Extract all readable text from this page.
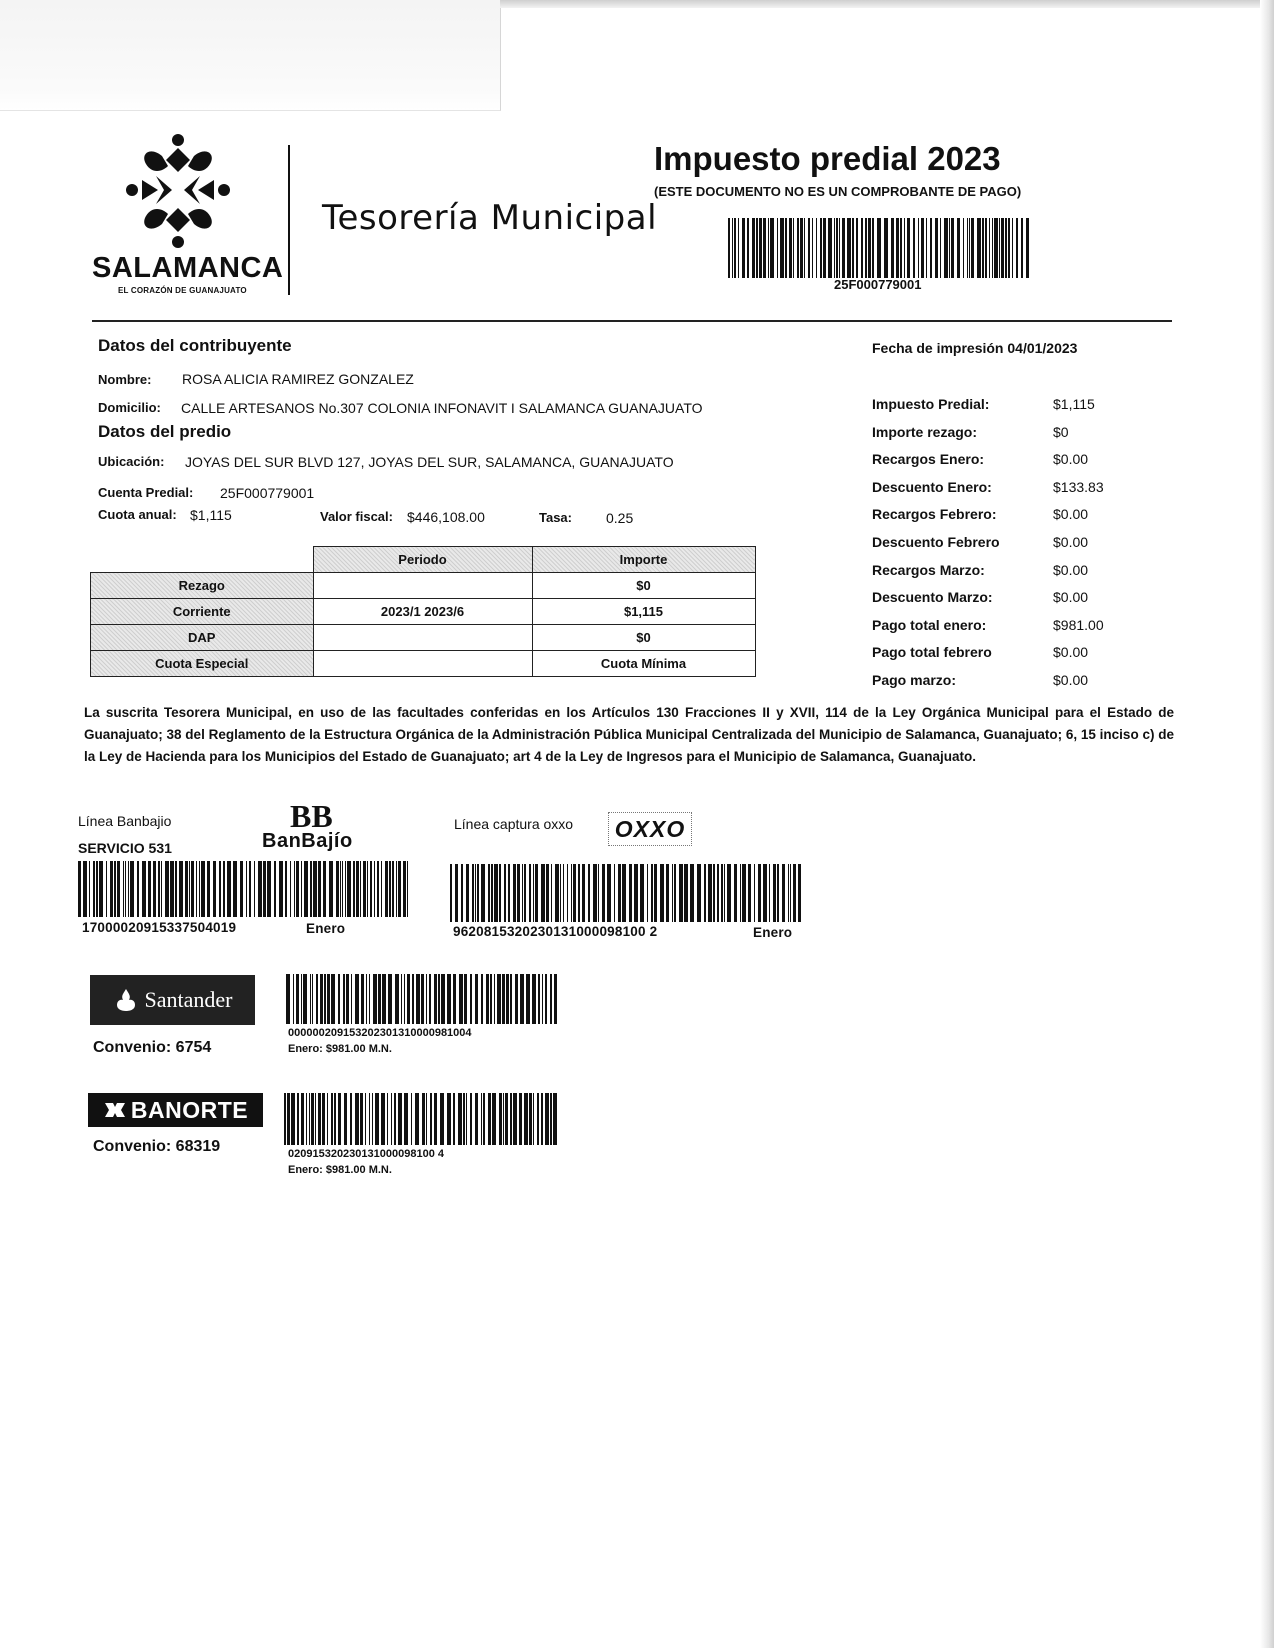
SALAMANCA
EL CORAZÓN DE GUANAJUATO
Tesorería Municipal
Impuesto predial 2023
(ESTE DOCUMENTO NO ES UN COMPROBANTE DE PAGO)
25F000779001
Datos del contribuyente
Nombre: ROSA ALICIA RAMIREZ GONZALEZ
Domicilio: CALLE ARTESANOS No.307 COLONIA INFONAVIT I SALAMANCA GUANAJUATO
Datos del predio
Ubicación: JOYAS DEL SUR BLVD 127, JOYAS DEL SUR, SALAMANCA, GUANAJUATO
Cuenta Predial: 25F000779001
Cuota anual: $1,115	Valor fiscal: $446,108.00	Tasa: 0.25
	Periodo	Importe
Rezago		$0
Corriente	2023/1 2023/6	$1,115
DAP		$0
Cuota Especial		Cuota Mínima
Fecha de impresión 04/01/2023
Impuesto Predial:	$1,115
Importe rezago:	$0
Recargos Enero:	$0.00
Descuento Enero:	$133.83
Recargos Febrero:	$0.00
Descuento Febrero	$0.00
Recargos Marzo:	$0.00
Descuento Marzo:	$0.00
Pago total enero:	$981.00
Pago total febrero	$0.00
Pago marzo:	$0.00
La suscrita Tesorera Municipal, en uso de las facultades conferidas en los Artículos 130 Fracciones II y XVII, 114 de la Ley Orgánica Municipal para el Estado de Guanajuato; 38 del Reglamento de la Estructura Orgánica de la Administración Pública Municipal Centralizada del Municipio de Salamanca, Guanajuato; 6, 15 inciso c) de la Ley de Hacienda para los Municipios del Estado de Guanajuato; art 4 de la Ley de Ingresos para el Municipio de Salamanca, Guanajuato.
Línea Banbajio
SERVICIO 531
BB
BanBajío
17000020915337504019	Enero
Línea captura oxxo OXXO
9620815320230131000098100 2	Enero
Santander
Convenio: 6754
000000209153202301310000981004
Enero: $981.00 M.N.
BANORTE
Convenio: 68319	020915320230131000098100 4
Enero: $981.00 M.N.
